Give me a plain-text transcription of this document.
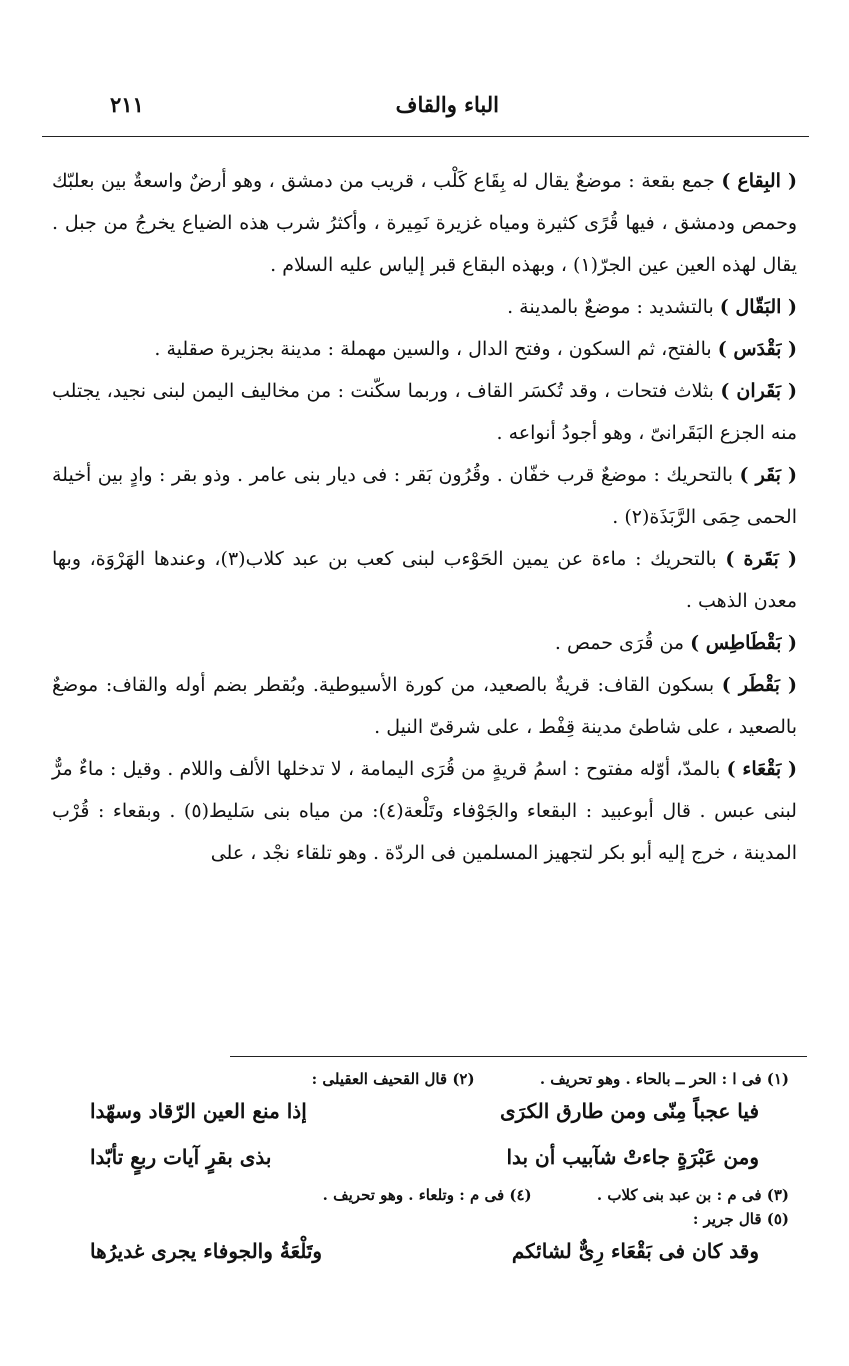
الباء والقاف
٢١١

( البِقاع ) جمع بقعة : موضعٌ يقال له بِقَاع كَلْب ، قريب من دمشق ، وهو أرضٌ واسعةٌ بين بعلبّك وحمص ودمشق ، فيها قُرًى كثيرة ومياه غزيرة نَمِيرة ، وأكثرُ شرب هذه الضياع يخرجُ من جبل . يقال لهذه العين عين الجرّ(١) ، وبهذه البقاع قبر إلياس عليه السلام .

( البَقّال ) بالتشديد : موضعٌ بالمدينة .

( بَقْدَس ) بالفتح، ثم السكون ، وفتح الدال ، والسين مهملة : مدينة بجزيرة صقلية .

( بَقَران ) بثلاث فتحات ، وقد تُكسَر القاف ، وربما سكّنت : من مخاليف اليمن لبنى نجيد، يجتلب منه الجزع البَقَرانىّ ، وهو أجودُ أنواعه .

( بَقَر ) بالتحريك : موضعٌ قرب خفّان . وقُرُون بَقر : فى ديار بنى عامر . وذو بقر : وادٍ بين أخيلة الحمى حِمَى الرَّبَذَة(٢) .

( بَقَرة ) بالتحريك : ماءة عن يمين الحَوْءب لبنى كعب بن عبد كلاب(٣)، وعندها الهَرْوَة، وبها معدن الذهب .

( بَقْطَاطِس ) من قُرَى حمص .

( بَقْطَر ) بسكون القاف: قريةٌ بالصعيد، من كورة الأسيوطية. وبُقطر بضم أوله والقاف: موضعٌ بالصعيد ، على شاطئ مدينة قِفْط ، على شرقىّ النيل .

( بَقْعَاء ) بالمدّ، أوّله مفتوح : اسمُ قريةٍ من قُرَى اليمامة ، لا تدخلها الألف واللام . وقيل : ماءٌ مرٌّ لبنى عبس . قال أبوعبيد : البقعاء والجَوْفاء وتَلْعة(٤): من مياه بنى سَليط(٥) . وبقعاء : قُرْب المدينة ، خرج إليه أبو بكر لتجهيز المسلمين فى الردّة . وهو تلقاء نجْد ، على

(١) فى ا : الحر ــ بالحاء . وهو تحريف . (٢) قال القحيف العقيلى :

فيا عجباً مِنّى ومن طارق الكرَى
إذا منع العين الرّقاد وسهّدا
ومن عَبْرَةٍ جاءتْ شآبيب أن بدا
بذى بقرٍ آيات ربعٍ تأبّدا

(٣) فى م : بن عبد بنى كلاب . (٤) فى م : وتلعاء . وهو تحريف .

(٥) قال جرير :

وقد كان فى بَقْعَاء رِىٌّ لشائكم
وتَلْعَةُ والجوفاء يجرى غديرُها
